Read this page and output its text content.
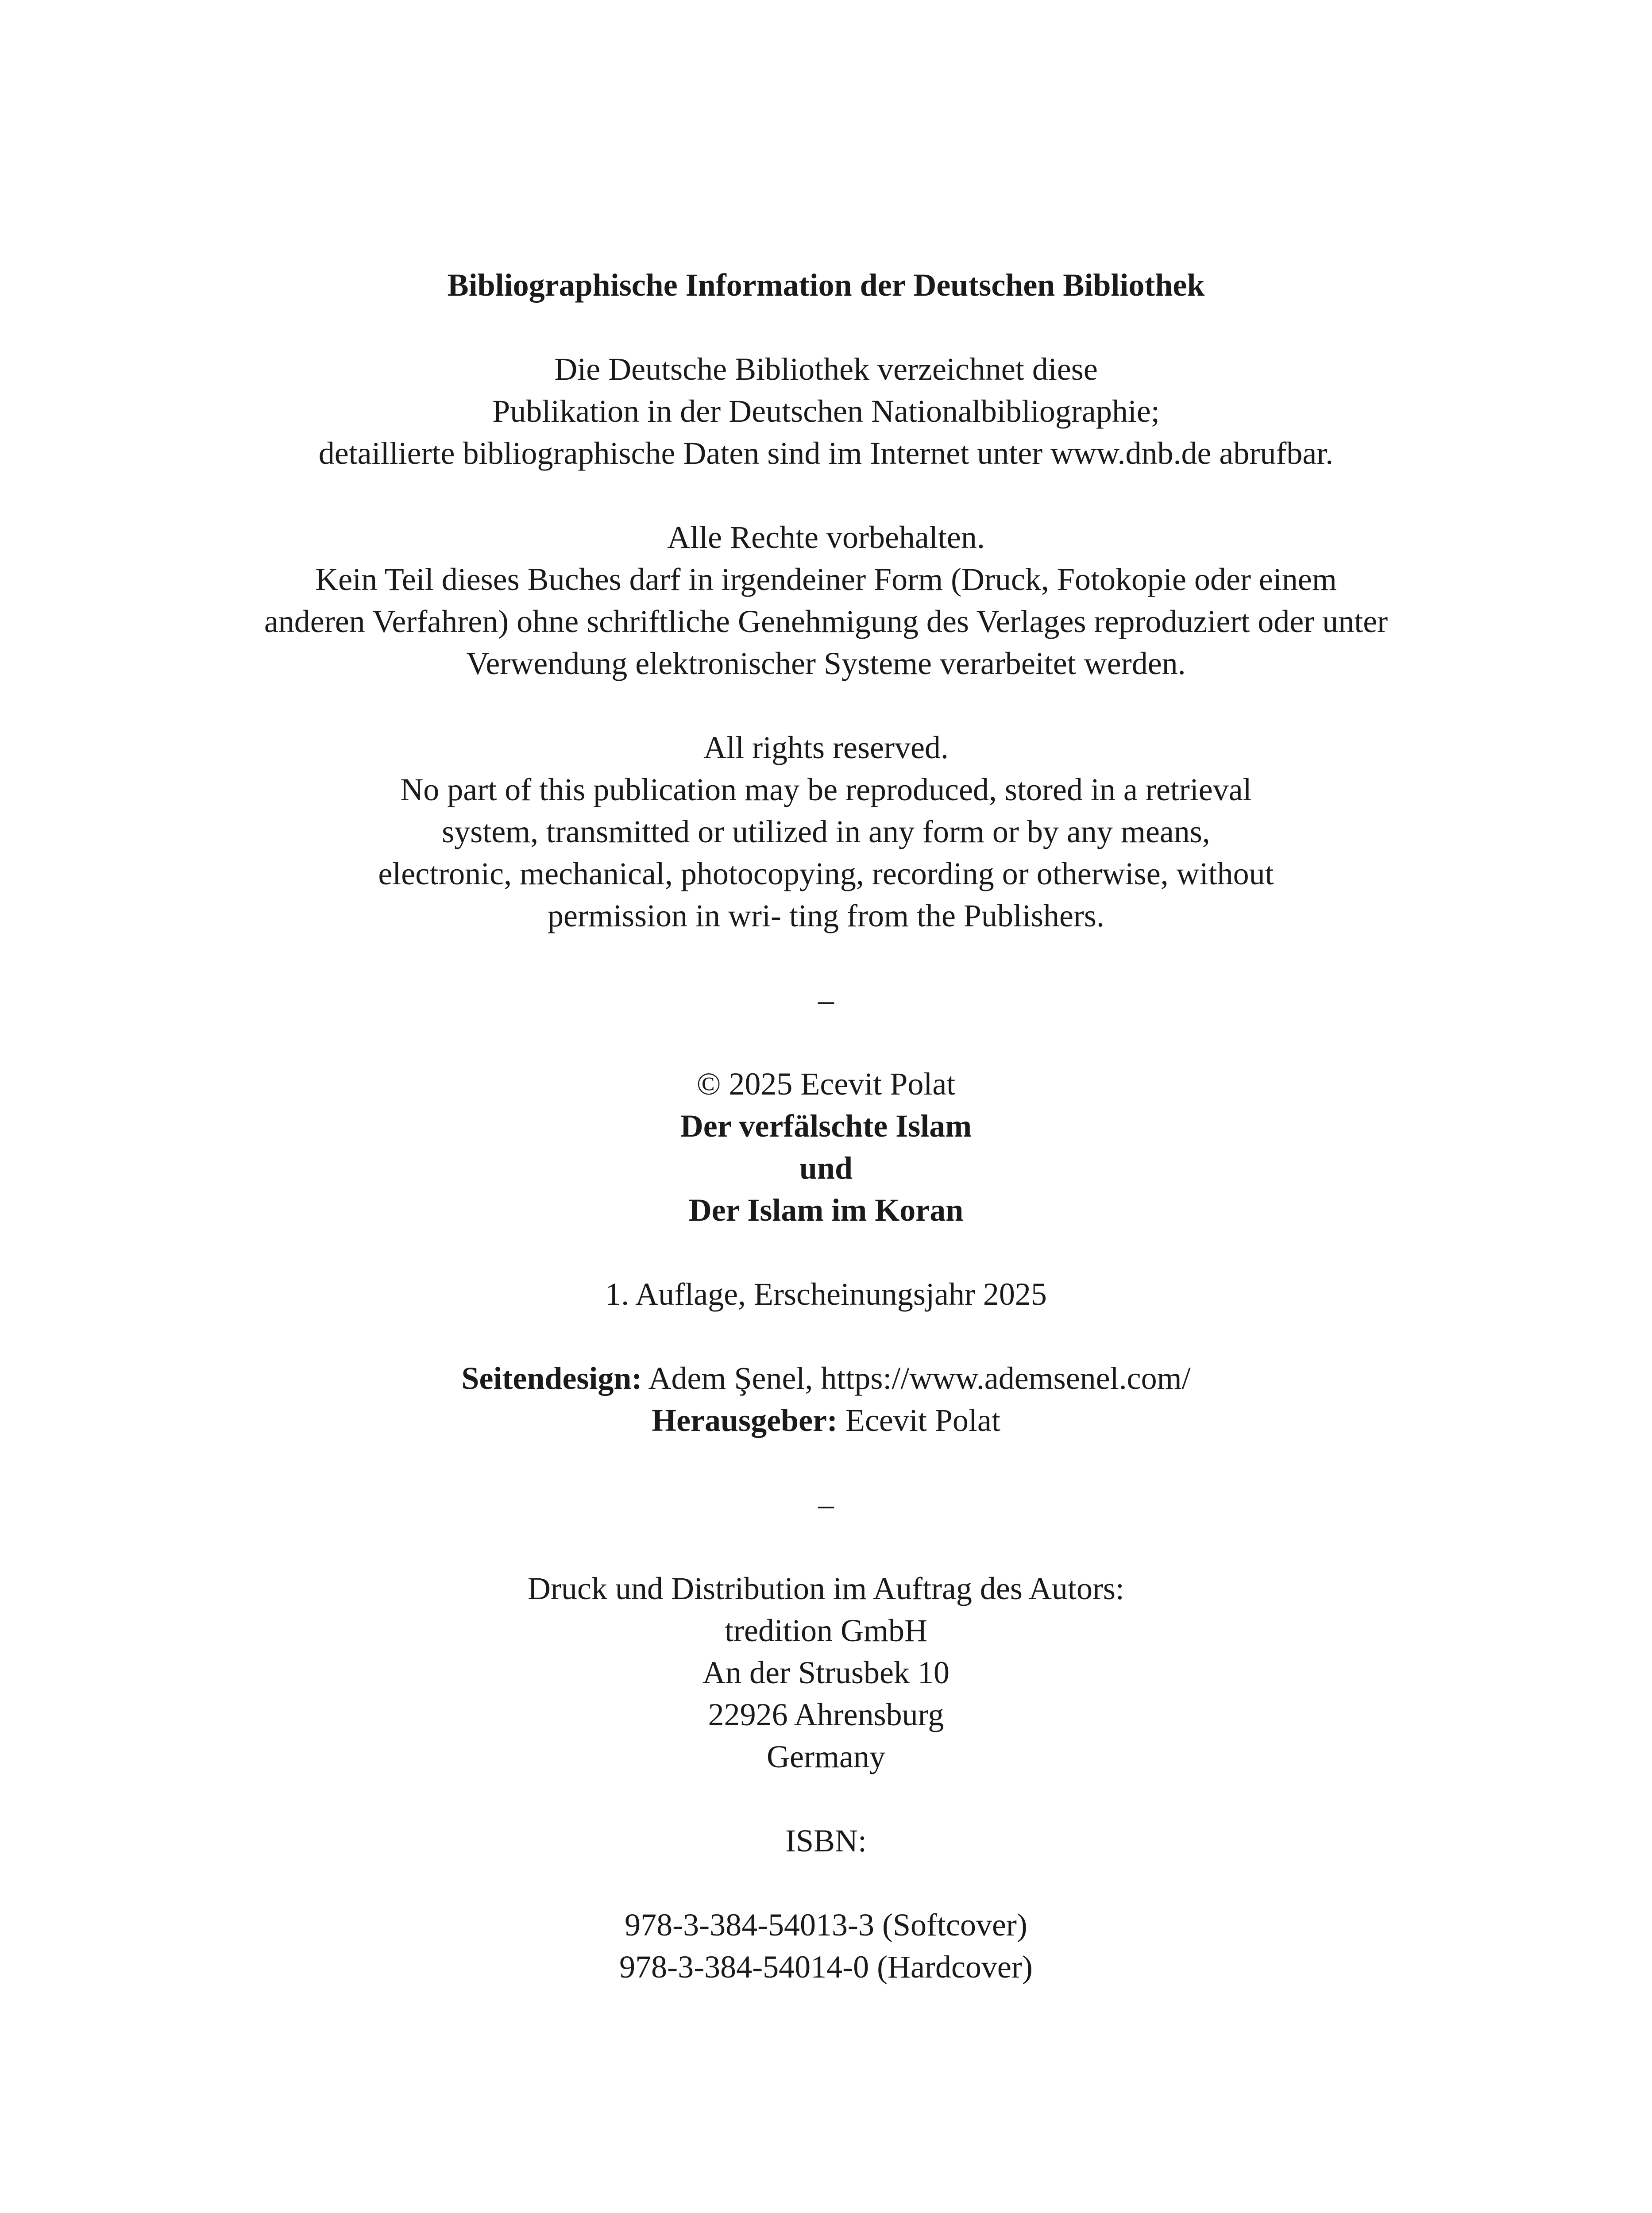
Bibliographische Information der Deutschen Bibliothek
Die Deutsche Bibliothek verzeichnet diese
Publikation in der Deutschen Nationalbibliographie;
detaillierte bibliographische Daten sind im Internet unter www.dnb.de abrufbar.
Alle Rechte vorbehalten.
Kein Teil dieses Buches darf in irgendeiner Form (Druck, Fotokopie oder einem
anderen Verfahren) ohne schriftliche Genehmigung des Verlages reproduziert oder unter
Verwendung elektronischer Systeme verarbeitet werden.
All rights reserved.
No part of this publication may be reproduced, stored in a retrieval
system, transmitted or utilized in any form or by any means,
electronic, mechanical, photocopying, recording or otherwise, without
permission in wri- ting from the Publishers.
–
© 2025 Ecevit Polat
Der verfälschte Islam
und
Der Islam im Koran
1. Auflage, Erscheinungsjahr 2025
Seitendesign: Adem Şenel, https://www.ademsenel.com/
Herausgeber: Ecevit Polat
–
Druck und Distribution im Auftrag des Autors:
tredition GmbH
An der Strusbek 10
22926 Ahrensburg
Germany
ISBN:
978-3-384-54013-3 (Softcover)
978-3-384-54014-0 (Hardcover)
